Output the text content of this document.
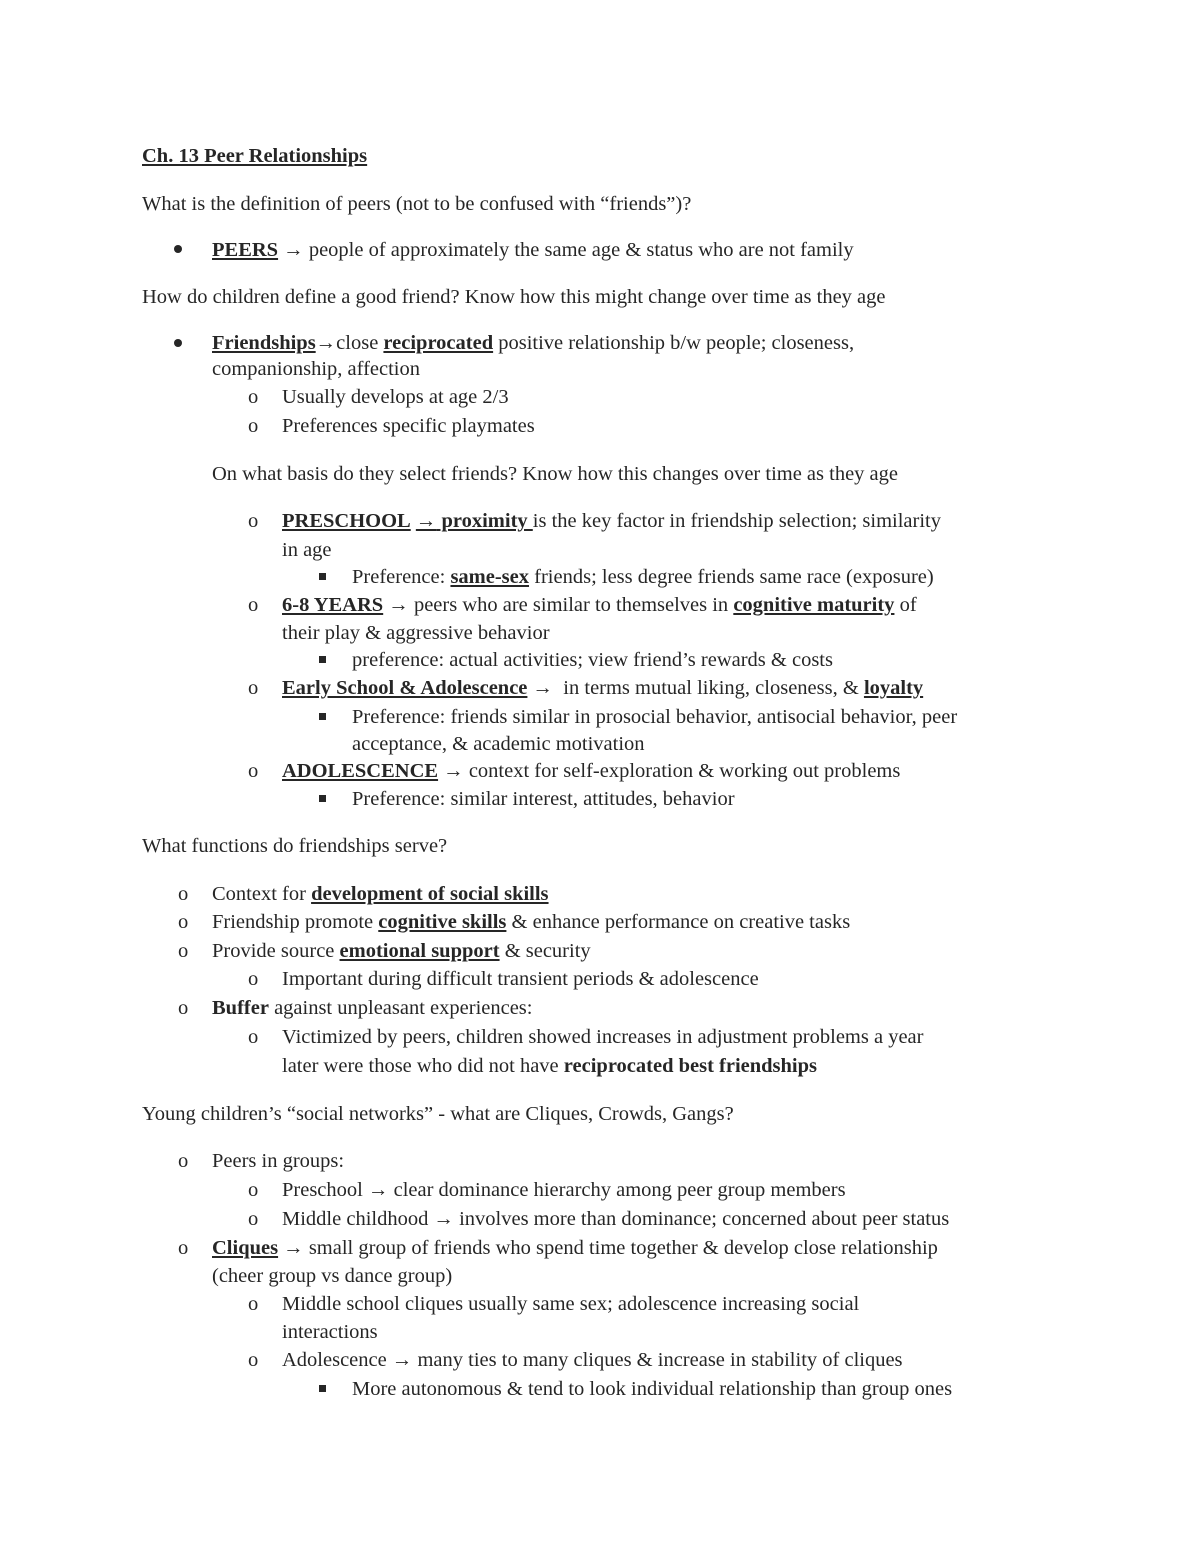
Ch. 13 Peer Relationships
What is the definition of peers (not to be confused with “friends”)?
PEERS → people of approximately the same age & status who are not family
How do children define a good friend? Know how this might change over time as they age
Friendships→close reciprocated positive relationship b/w people; closeness,
companionship, affection
o Usually develops at age 2/3
o Preferences specific playmates
On what basis do they select friends? Know how this changes over time as they age
o PRESCHOOL → proximity is the key factor in friendship selection; similarity
in age
Preference: same-sex friends; less degree friends same race (exposure)
o 6-8 YEARS → peers who are similar to themselves in cognitive maturity of
their play & aggressive behavior
preference: actual activities; view friend’s rewards & costs
o Early School & Adolescence →  in terms mutual liking, closeness, & loyalty
Preference: friends similar in prosocial behavior, antisocial behavior, peer
acceptance, & academic motivation
o ADOLESCENCE → context for self-exploration & working out problems
Preference: similar interest, attitudes, behavior
What functions do friendships serve?
o Context for development of social skills
o Friendship promote cognitive skills & enhance performance on creative tasks
o Provide source emotional support & security
o Important during difficult transient periods & adolescence
o Buffer against unpleasant experiences:
o Victimized by peers, children showed increases in adjustment problems a year
later were those who did not have reciprocated best friendships
Young children’s “social networks” - what are Cliques, Crowds, Gangs?
o Peers in groups:
o Preschool → clear dominance hierarchy among peer group members
o Middle childhood → involves more than dominance; concerned about peer status
o Cliques → small group of friends who spend time together & develop close relationship
(cheer group vs dance group)
o Middle school cliques usually same sex; adolescence increasing social
interactions
o Adolescence → many ties to many cliques & increase in stability of cliques
More autonomous & tend to look individual relationship than group ones
